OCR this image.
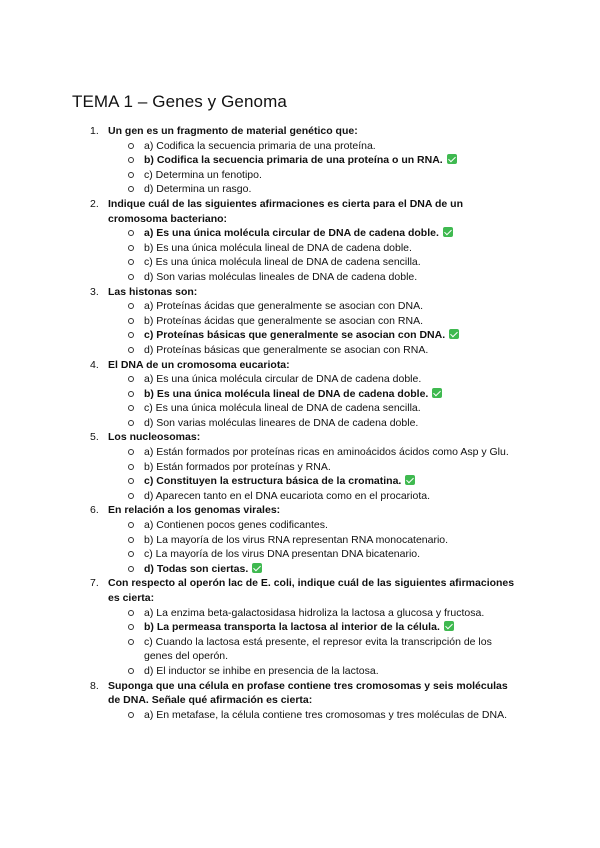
TEMA 1 – Genes y Genoma
1. Un gen es un fragmento de material genético que:
a) Codifica la secuencia primaria de una proteína.
b) Codifica la secuencia primaria de una proteína o un RNA.
c) Determina un fenotipo.
d) Determina un rasgo.
2. Indique cuál de las siguientes afirmaciones es cierta para el DNA de un cromosoma bacteriano:
a) Es una única molécula circular de DNA de cadena doble.
b) Es una única molécula lineal de DNA de cadena doble.
c) Es una única molécula lineal de DNA de cadena sencilla.
d) Son varias moléculas lineales de DNA de cadena doble.
3. Las histonas son:
a) Proteínas ácidas que generalmente se asocian con DNA.
b) Proteínas ácidas que generalmente se asocian con RNA.
c) Proteínas básicas que generalmente se asocian con DNA.
d) Proteínas básicas que generalmente se asocian con RNA.
4. El DNA de un cromosoma eucariota:
a) Es una única molécula circular de DNA de cadena doble.
b) Es una única molécula lineal de DNA de cadena doble.
c) Es una única molécula lineal de DNA de cadena sencilla.
d) Son varias moléculas lineares de DNA de cadena doble.
5. Los nucleosomas:
a) Están formados por proteínas ricas en aminoácidos ácidos como Asp y Glu.
b) Están formados por proteínas y RNA.
c) Constituyen la estructura básica de la cromatina.
d) Aparecen tanto en el DNA eucariota como en el procariota.
6. En relación a los genomas virales:
a) Contienen pocos genes codificantes.
b) La mayoría de los virus RNA representan RNA monocatenario.
c) La mayoría de los virus DNA presentan DNA bicatenario.
d) Todas son ciertas.
7. Con respecto al operón lac de E. coli, indique cuál de las siguientes afirmaciones es cierta:
a) La enzima beta-galactosidasa hidroliza la lactosa a glucosa y fructosa.
b) La permeasa transporta la lactosa al interior de la célula.
c) Cuando la lactosa está presente, el represor evita la transcripción de los genes del operón.
d) El inductor se inhibe en presencia de la lactosa.
8. Suponga que una célula en profase contiene tres cromosomas y seis moléculas de DNA. Señale qué afirmación es cierta:
a) En metafase, la célula contiene tres cromosomas y tres moléculas de DNA.
